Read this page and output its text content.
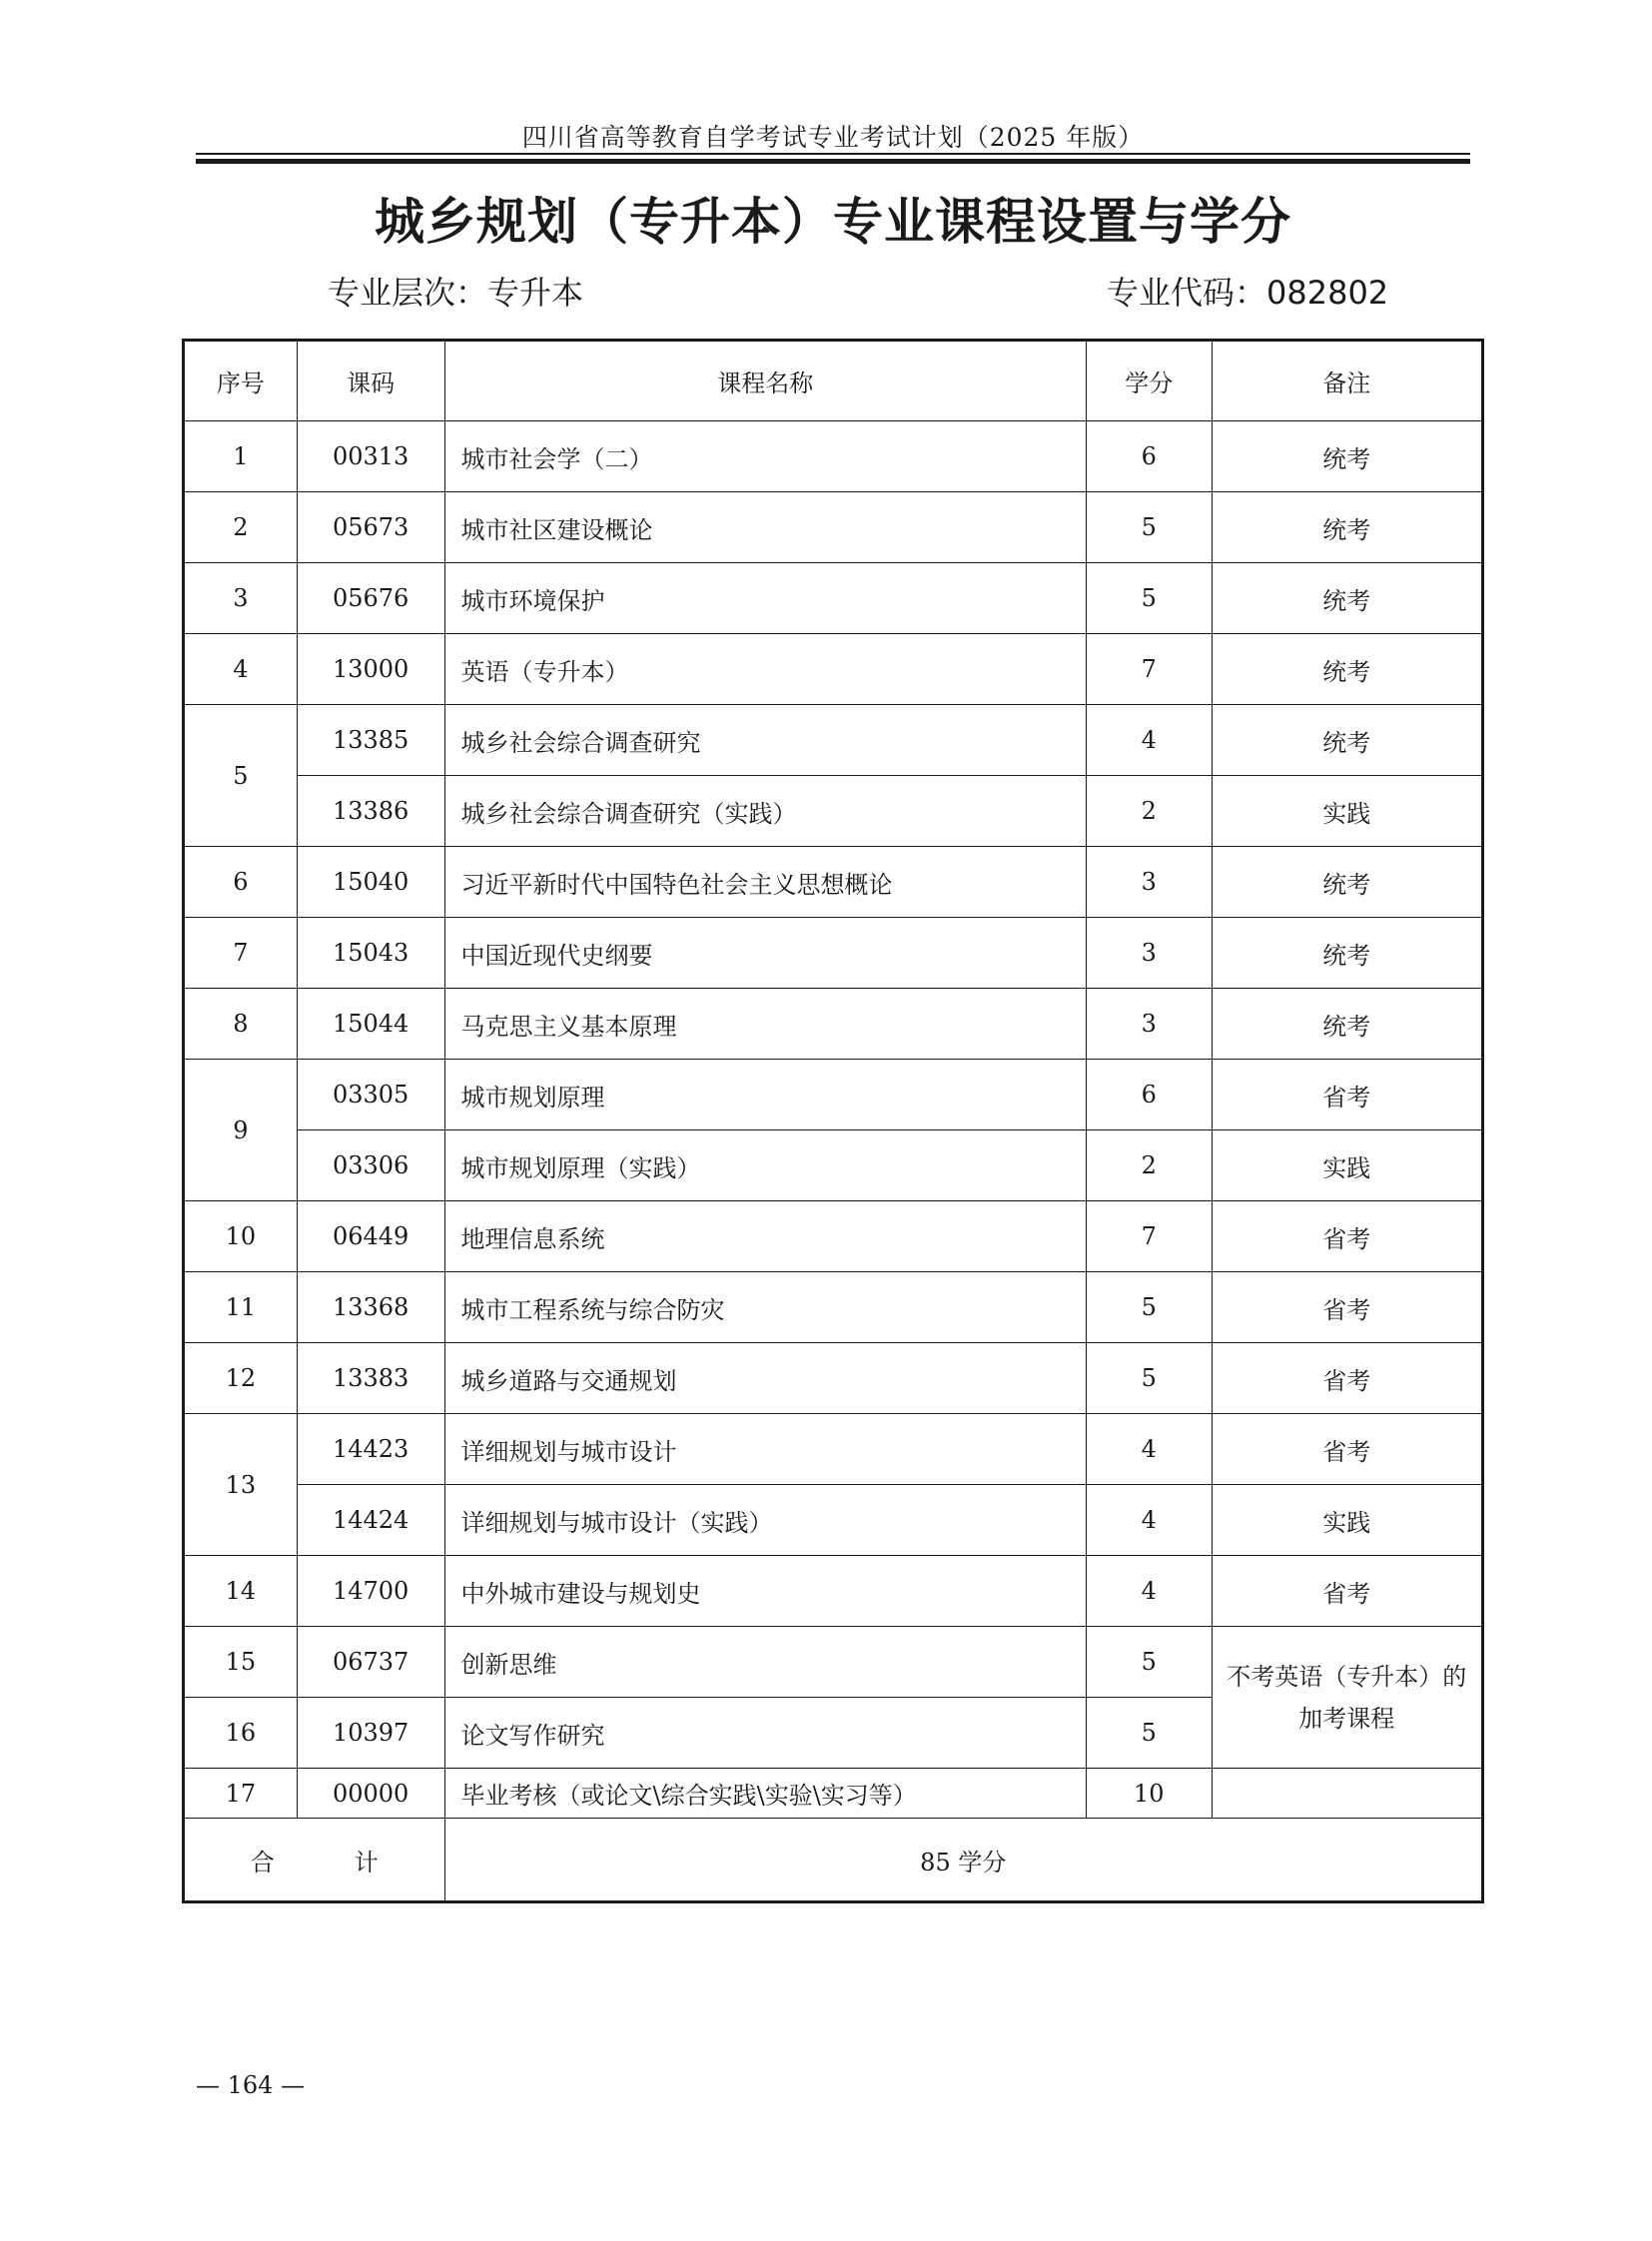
四川省高等教育自学考试专业考试计划（2025 年版）
城乡规划（专升本）专业课程设置与学分
专业层次：专升本	专业代码：082802
序号	课码	课程名称	学分	备注
1	00313	城市社会学（二）	6	统考
2	05673	城市社区建设概论	5	统考
3	05676	城市环境保护	5	统考
4	13000	英语（专升本）	7	统考
5	13385	城乡社会综合调查研究	4	统考
	13386	城乡社会综合调查研究（实践）	2	实践
6	15040	习近平新时代中国特色社会主义思想概论	3	统考
7	15043	中国近现代史纲要	3	统考
8	15044	马克思主义基本原理	3	统考
9	03305	城市规划原理	6	省考
	03306	城市规划原理（实践）	2	实践
10	06449	地理信息系统	7	省考
11	13368	城市工程系统与综合防灾	5	省考
12	13383	城乡道路与交通规划	5	省考
13	14423	详细规划与城市设计	4	省考
	14424	详细规划与城市设计（实践）	4	实践
14	14700	中外城市建设与规划史	4	省考
15	06737	创新思维	5	不考英语（专升本）的
加考课程

16	10397	论文写作研究	5	
17	00000	毕业考核（或论文\综合实践\实验\实习等）	10	
合 计		85 学分		
— 164 —
